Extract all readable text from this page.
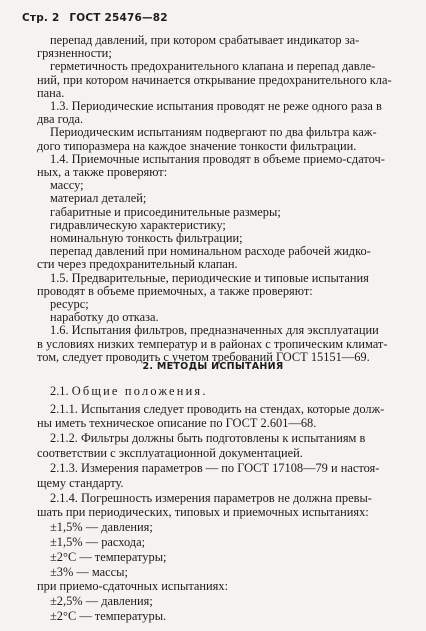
Стр. 2 ГОСТ 25476—82
перепад давлений, при котором срабатывает индикатор за-
грязненности;
герметичность предохранительного клапана и перепад давле-
ний, при котором начинается открывание предохранительного кла-
пана.
1.3. Периодические испытания проводят не реже одного раза в
два года.
Периодическим испытаниям подвергают по два фильтра каж-
дого типоразмера на каждое значение тонкости фильтрации.
1.4. Приемочные испытания проводят в объеме приемо-сдаточ-
ных, а также проверяют:
массу;
материал деталей;
габаритные и присоединительные размеры;
гидравлическую характеристику;
номинальную тонкость фильтрации;
перепад давлений при номинальном расходе рабочей жидко-
сти через предохранительный клапан.
1.5. Предварительные, периодические и типовые испытания
проводят в объеме приемочных, а также проверяют:
ресурс;
наработку до отказа.
2. МЕТОДЫ ИСПЫТАНИЯ
2.1. Общие положения.
2.1.1. Испытания следует проводить на стендах, которые долж-
ны иметь техническое описание по ГОСТ 2.601—68.
2.1.2. Фильтры должны быть подготовлены к испытаниям в
соответствии с эксплуатационной документацией.
2.1.3. Измерения параметров — по ГОСТ 17108—79 и настоя-
щему стандарту.
2.1.4. Погрешность измерения параметров не должна превы-
шать при периодических, типовых и приемочных испытаниях:
±1,5% — давления;
±1,5% — расхода;
±2°С — температуры;
±3% — массы;
при приемо-сдаточных испытаниях:
±2,5% — давления;
±2°С — температуры.
1.6. Испытания фильтров, предназначенных для эксплуатации
в условиях низких температур и в районах с тропическим климат-
том, следует проводить с учетом требований ГОСТ 15151—69.
